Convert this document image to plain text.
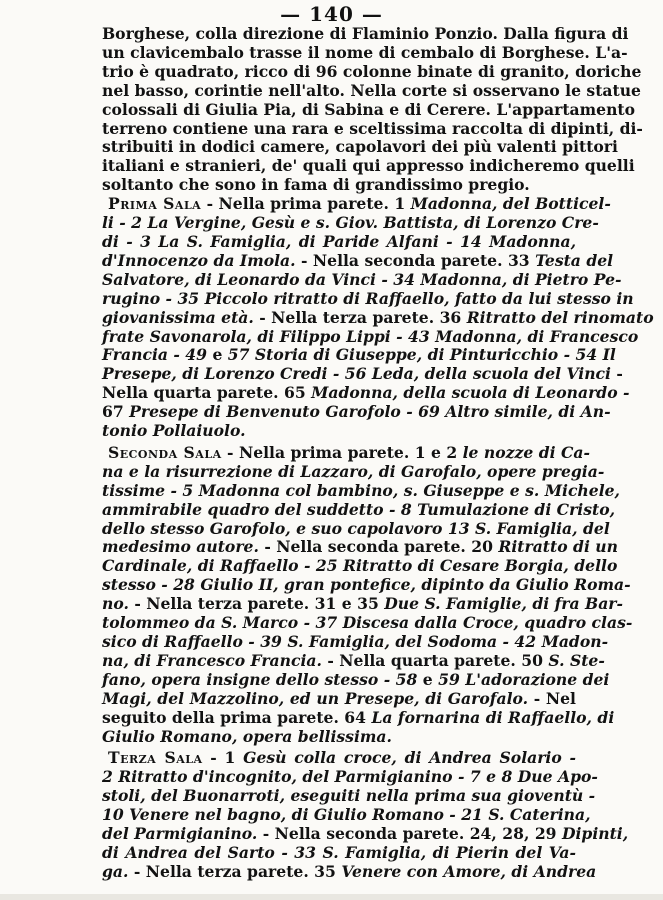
— 140 —
Borghese, colla direzione di Flaminio Ponzio. Dalla figura di
un clavicembalo trasse il nome di cembalo di Borghese. L'a-
trio è quadrato, ricco di 96 colonne binate di granito, doriche
nel basso, corintie nell'alto. Nella corte si osservano le statue
colossali di Giulia Pia, di Sabina e di Cerere. L'appartamento
terreno contiene una rara e sceltissima raccolta di dipinti, di-
stribuiti in dodici camere, capolavori dei più valenti pittori
italiani e stranieri, de' quali qui appresso indicheremo quelli
soltanto che sono in fama di grandissimo pregio.
Prima Sala - Nella prima parete. 1 Madonna, del Botticel-
li - 2 La Vergine, Gesù e s. Giov. Battista, di Lorenzo Cre-
di - 3 La S. Famiglia, di Paride Alfani - 14 Madonna,
d'Innocenzo da Imola. - Nella seconda parete. 33 Testa del
Salvatore, di Leonardo da Vinci - 34 Madonna, di Pietro Pe-
rugino - 35 Piccolo ritratto di Raffaello, fatto da lui stesso in
giovanissima età. - Nella terza parete. 36 Ritratto del rinomato
frate Savonarola, di Filippo Lippi - 43 Madonna, di Francesco
Francia - 49 e 57 Storia di Giuseppe, di Pinturicchio - 54 Il
Presepe, di Lorenzo Credi - 56 Leda, della scuola del Vinci -
Nella quarta parete. 65 Madonna, della scuola di Leonardo -
67 Presepe di Benvenuto Garofolo - 69 Altro simile, di An-
tonio Pollaiuolo.
Seconda Sala - Nella prima parete. 1 e 2 le nozze di Ca-
na e la risurrezione di Lazzaro, di Garofalo, opere pregia-
tissime - 5 Madonna col bambino, s. Giuseppe e s. Michele,
ammirabile quadro del suddetto - 8 Tumulazione di Cristo,
dello stesso Garofolo, e suo capolavoro 13 S. Famiglia, del
medesimo autore. - Nella seconda parete. 20 Ritratto di un
Cardinale, di Raffaello - 25 Ritratto di Cesare Borgia, dello
stesso - 28 Giulio II, gran pontefice, dipinto da Giulio Roma-
no. - Nella terza parete. 31 e 35 Due S. Famiglie, di fra Bar-
tolommeo da S. Marco - 37 Discesa dalla Croce, quadro clas-
sico di Raffaello - 39 S. Famiglia, del Sodoma - 42 Madon-
na, di Francesco Francia. - Nella quarta parete. 50 S. Ste-
fano, opera insigne dello stesso - 58 e 59 L'adorazione dei
Magi, del Mazzolino, ed un Presepe, di Garofalo. - Nel
seguito della prima parete. 64 La fornarina di Raffaello, di
Giulio Romano, opera bellissima.
Terza Sala - 1 Gesù colla croce, di Andrea Solario -
2 Ritratto d'incognito, del Parmigianino - 7 e 8 Due Apo-
stoli, del Buonarroti, eseguiti nella prima sua gioventù -
10 Venere nel bagno, di Giulio Romano - 21 S. Caterina,
del Parmigianino. - Nella seconda parete. 24, 28, 29 Dipinti,
di Andrea del Sarto - 33 S. Famiglia, di Pierin del Va-
ga. - Nella terza parete. 35 Venere con Amore, di Andrea
